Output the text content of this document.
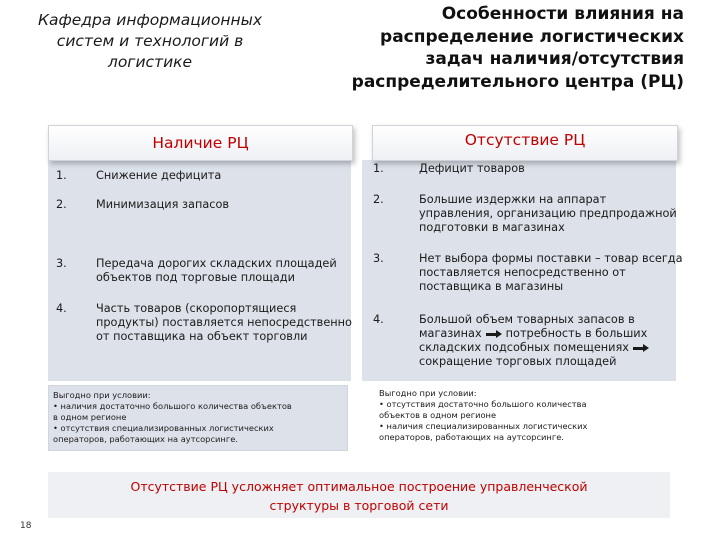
Кафедра информационных
систем и технологий в
логистике
Особенности влияния на
распределение логистических
задач наличия/отсутствия
распределительного центра (РЦ)
1.	Снижение дефицита
2.	Минимизация запасов
3.	Передача дорогих складских площадей объектов под торговые площади
4.	Часть товаров (скоропортящиеся продукты) поставляется непосредственно от поставщика на объект торговли
1.	Дефицит товаров
2.	Большие издержки на аппарат управления, организацию предпродажной подготовки в магазинах
3.	Нет выбора формы поставки – товар всегда поставляется непосредственно от поставщика в магазины
4.	Большой объем товарных запасов в
магазинах потребность в больших
складских подсобных помещениях
сокращение торговых площадей
Наличие РЦ	Отсутствие РЦ
Выгодно при условии:
• наличия достаточно большого количества объектов
в одном регионе
• отсутствия специализированных логистических
операторов, работающих на аутсорсинге.
Выгодно при условии:
• отсутствия достаточно большого количества
объектов в одном регионе
• наличия специализированных логистических
операторов, работающих на аутсорсинге.
Отсутствие РЦ усложняет оптимальное построение управленческой
структуры в торговой сети
18
